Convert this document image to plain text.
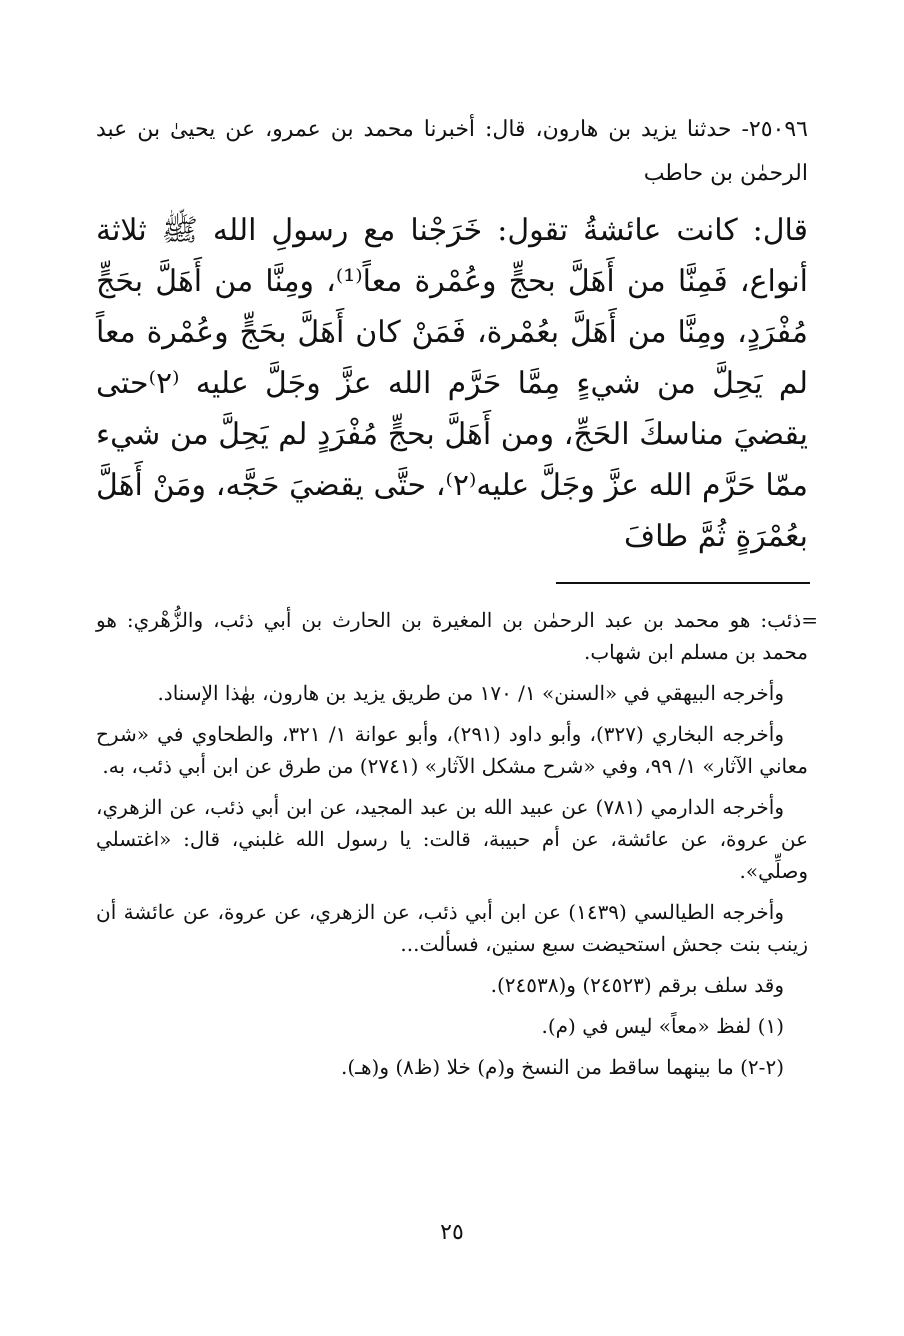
٢٥٠٩٦- حدثنا يزيد بن هارون، قال: أخبرنا محمد بن عمرو، عن يحيىٰ بن عبد الرحمٰن بن حاطب

قال: كانت عائشةُ تقول: خَرَجْنا مع رسولِ الله ﷺ ثلاثة أنواع، فَمِنَّا من أَهَلَّ بحجٍّ وعُمْرة معاً⁽¹⁾، ومِنَّا من أَهَلَّ بحَجٍّ مُفْرَدٍ، ومِنَّا من أَهَلَّ بعُمْرة، فَمَنْ كان أَهَلَّ بحَجٍّ وعُمْرة معاً لم يَحِلَّ من شيءٍ مِمَّا حَرَّم الله عزَّ وجَلَّ عليه ⁽٢⁾حتى يقضيَ مناسكَ الحَجِّ، ومن أَهَلَّ بحجٍّ مُفْرَدٍ لم يَحِلَّ من شيء ممّا حَرَّم الله عزَّ وجَلَّ عليه⁽٢⁾، حتَّى يقضيَ حَجَّه، ومَنْ أَهَلَّ بعُمْرَةٍ ثُمَّ طافَ

=ذئب: هو محمد بن عبد الرحمٰن بن المغيرة بن الحارث بن أبي ذئب، والزُّهْري: هو محمد بن مسلم ابن شهاب.

وأخرجه البيهقي في «السنن» ١/ ١٧٠ من طريق يزيد بن هارون، بهٰذا الإسناد.

وأخرجه البخاري (٣٢٧)، وأبو داود (٢٩١)، وأبو عوانة ١/ ٣٢١، والطحاوي في «شرح معاني الآثار» ١/ ٩٩، وفي «شرح مشكل الآثار» (٢٧٤١) من طرق عن ابن أبي ذئب، به.

وأخرجه الدارمي (٧٨١) عن عبيد الله بن عبد المجيد، عن ابن أبي ذئب، عن الزهري، عن عروة، عن عائشة، عن أم حبيبة، قالت: يا رسول الله غلبني، قال: «اغتسلي وصلِّي».

وأخرجه الطيالسي (١٤٣٩) عن ابن أبي ذئب، عن الزهري، عن عروة، عن عائشة أن زينب بنت جحش استحيضت سبع سنين، فسألت...

وقد سلف برقم (٢٤٥٢٣) و(٢٤٥٣٨).

(١) لفظ «معاً» ليس في (م).

(٢-٢) ما بينهما ساقط من النسخ و(م) خلا (ظ٨) و(هـ).

٢٥
